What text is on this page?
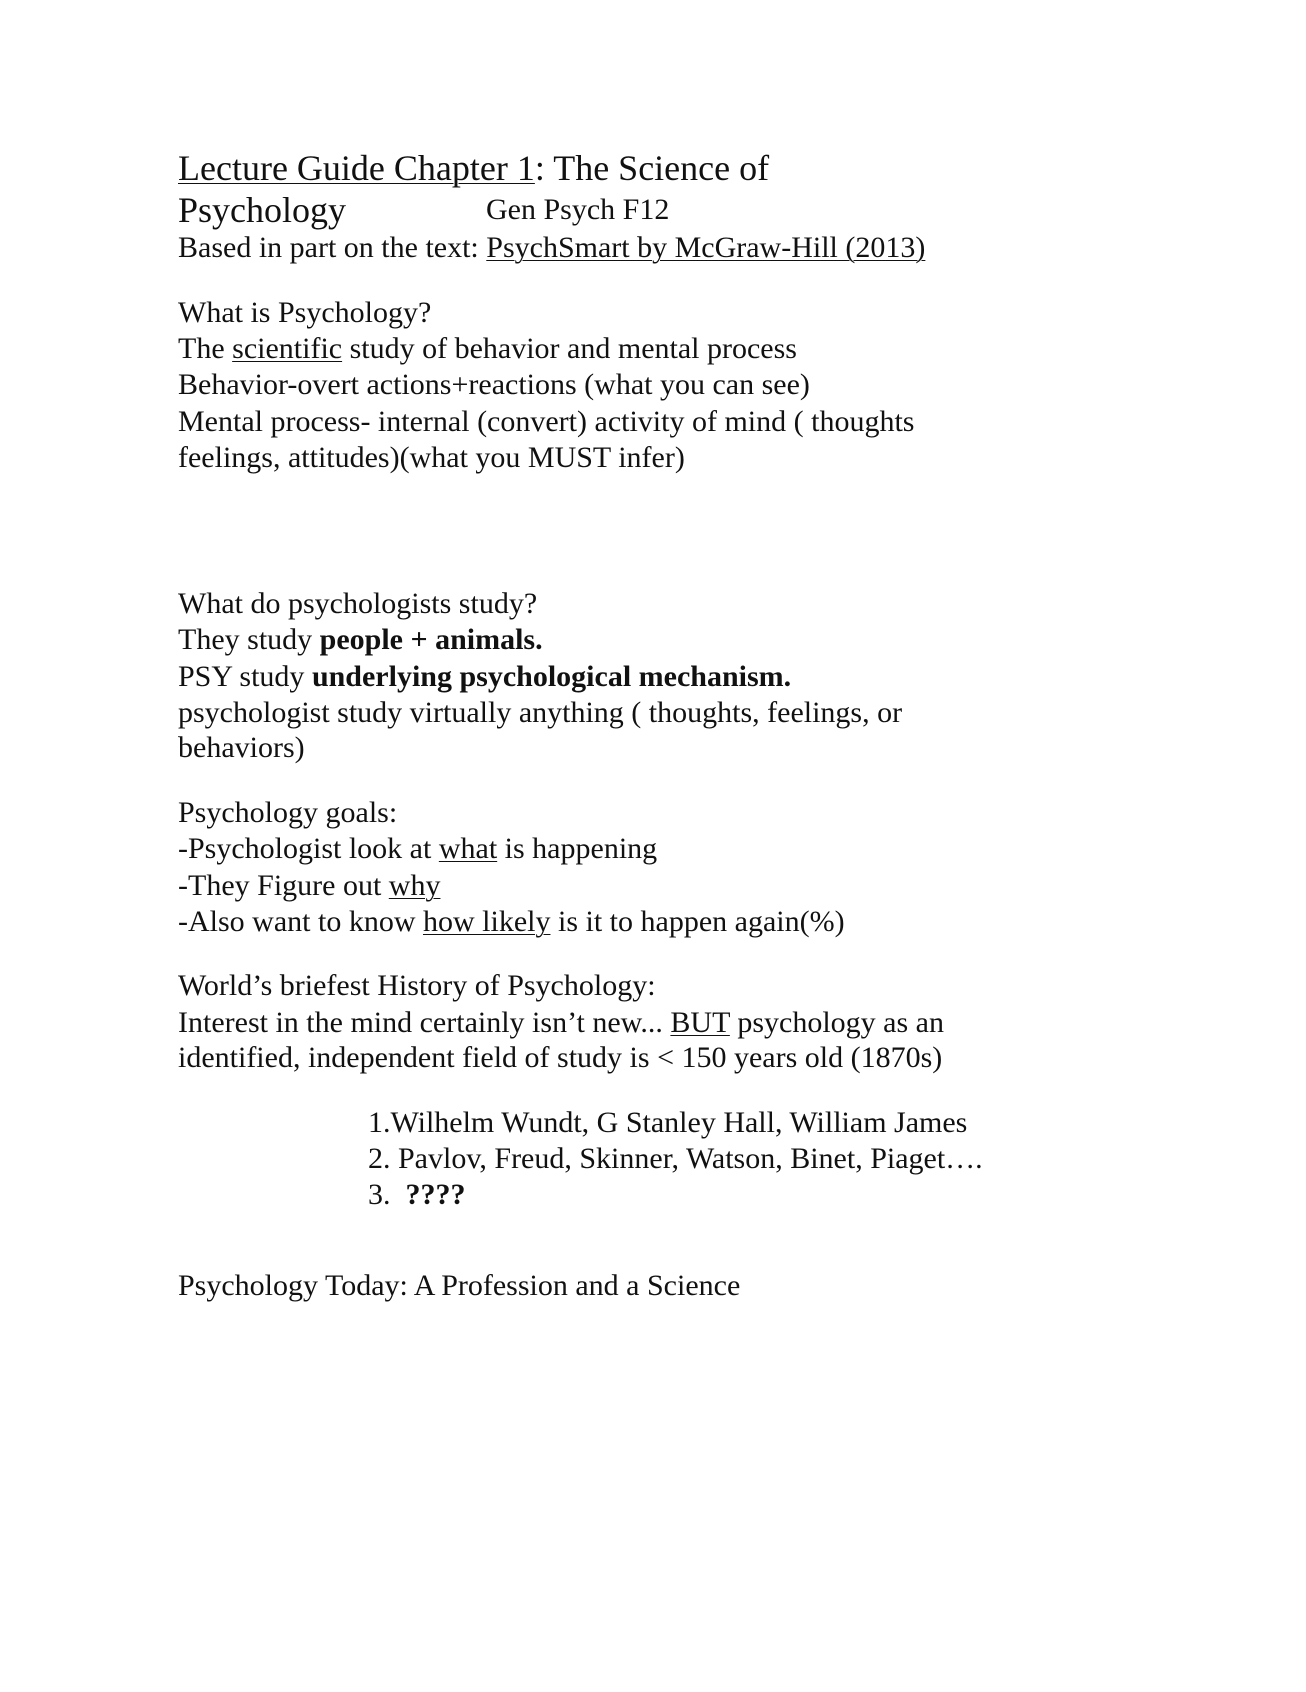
Lecture Guide Chapter 1: The Science of
Psychology	Gen Psych F12
Based in part on the text: PsychSmart by McGraw-Hill (2013)
What is Psychology?
The scientific study of behavior and mental process
Behavior-overt actions+reactions (what you can see)
Mental process- internal (convert) activity of mind ( thoughts
feelings, attitudes)(what you MUST infer)
What do psychologists study?
They study people + animals.
PSY study underlying psychological mechanism.
psychologist study virtually anything ( thoughts, feelings, or
behaviors)
Psychology goals:
-Psychologist look at what is happening
-They Figure out why
-Also want to know how likely is it to happen again(%)
World’s briefest History of Psychology:
Interest in the mind certainly isn’t new... BUT psychology as an
identified, independent field of study is < 150 years old (1870s)
1.Wilhelm Wundt, G Stanley Hall, William James
2. Pavlov, Freud, Skinner, Watson, Binet, Piaget….
3.  ????
Psychology Today: A Profession and a Science
